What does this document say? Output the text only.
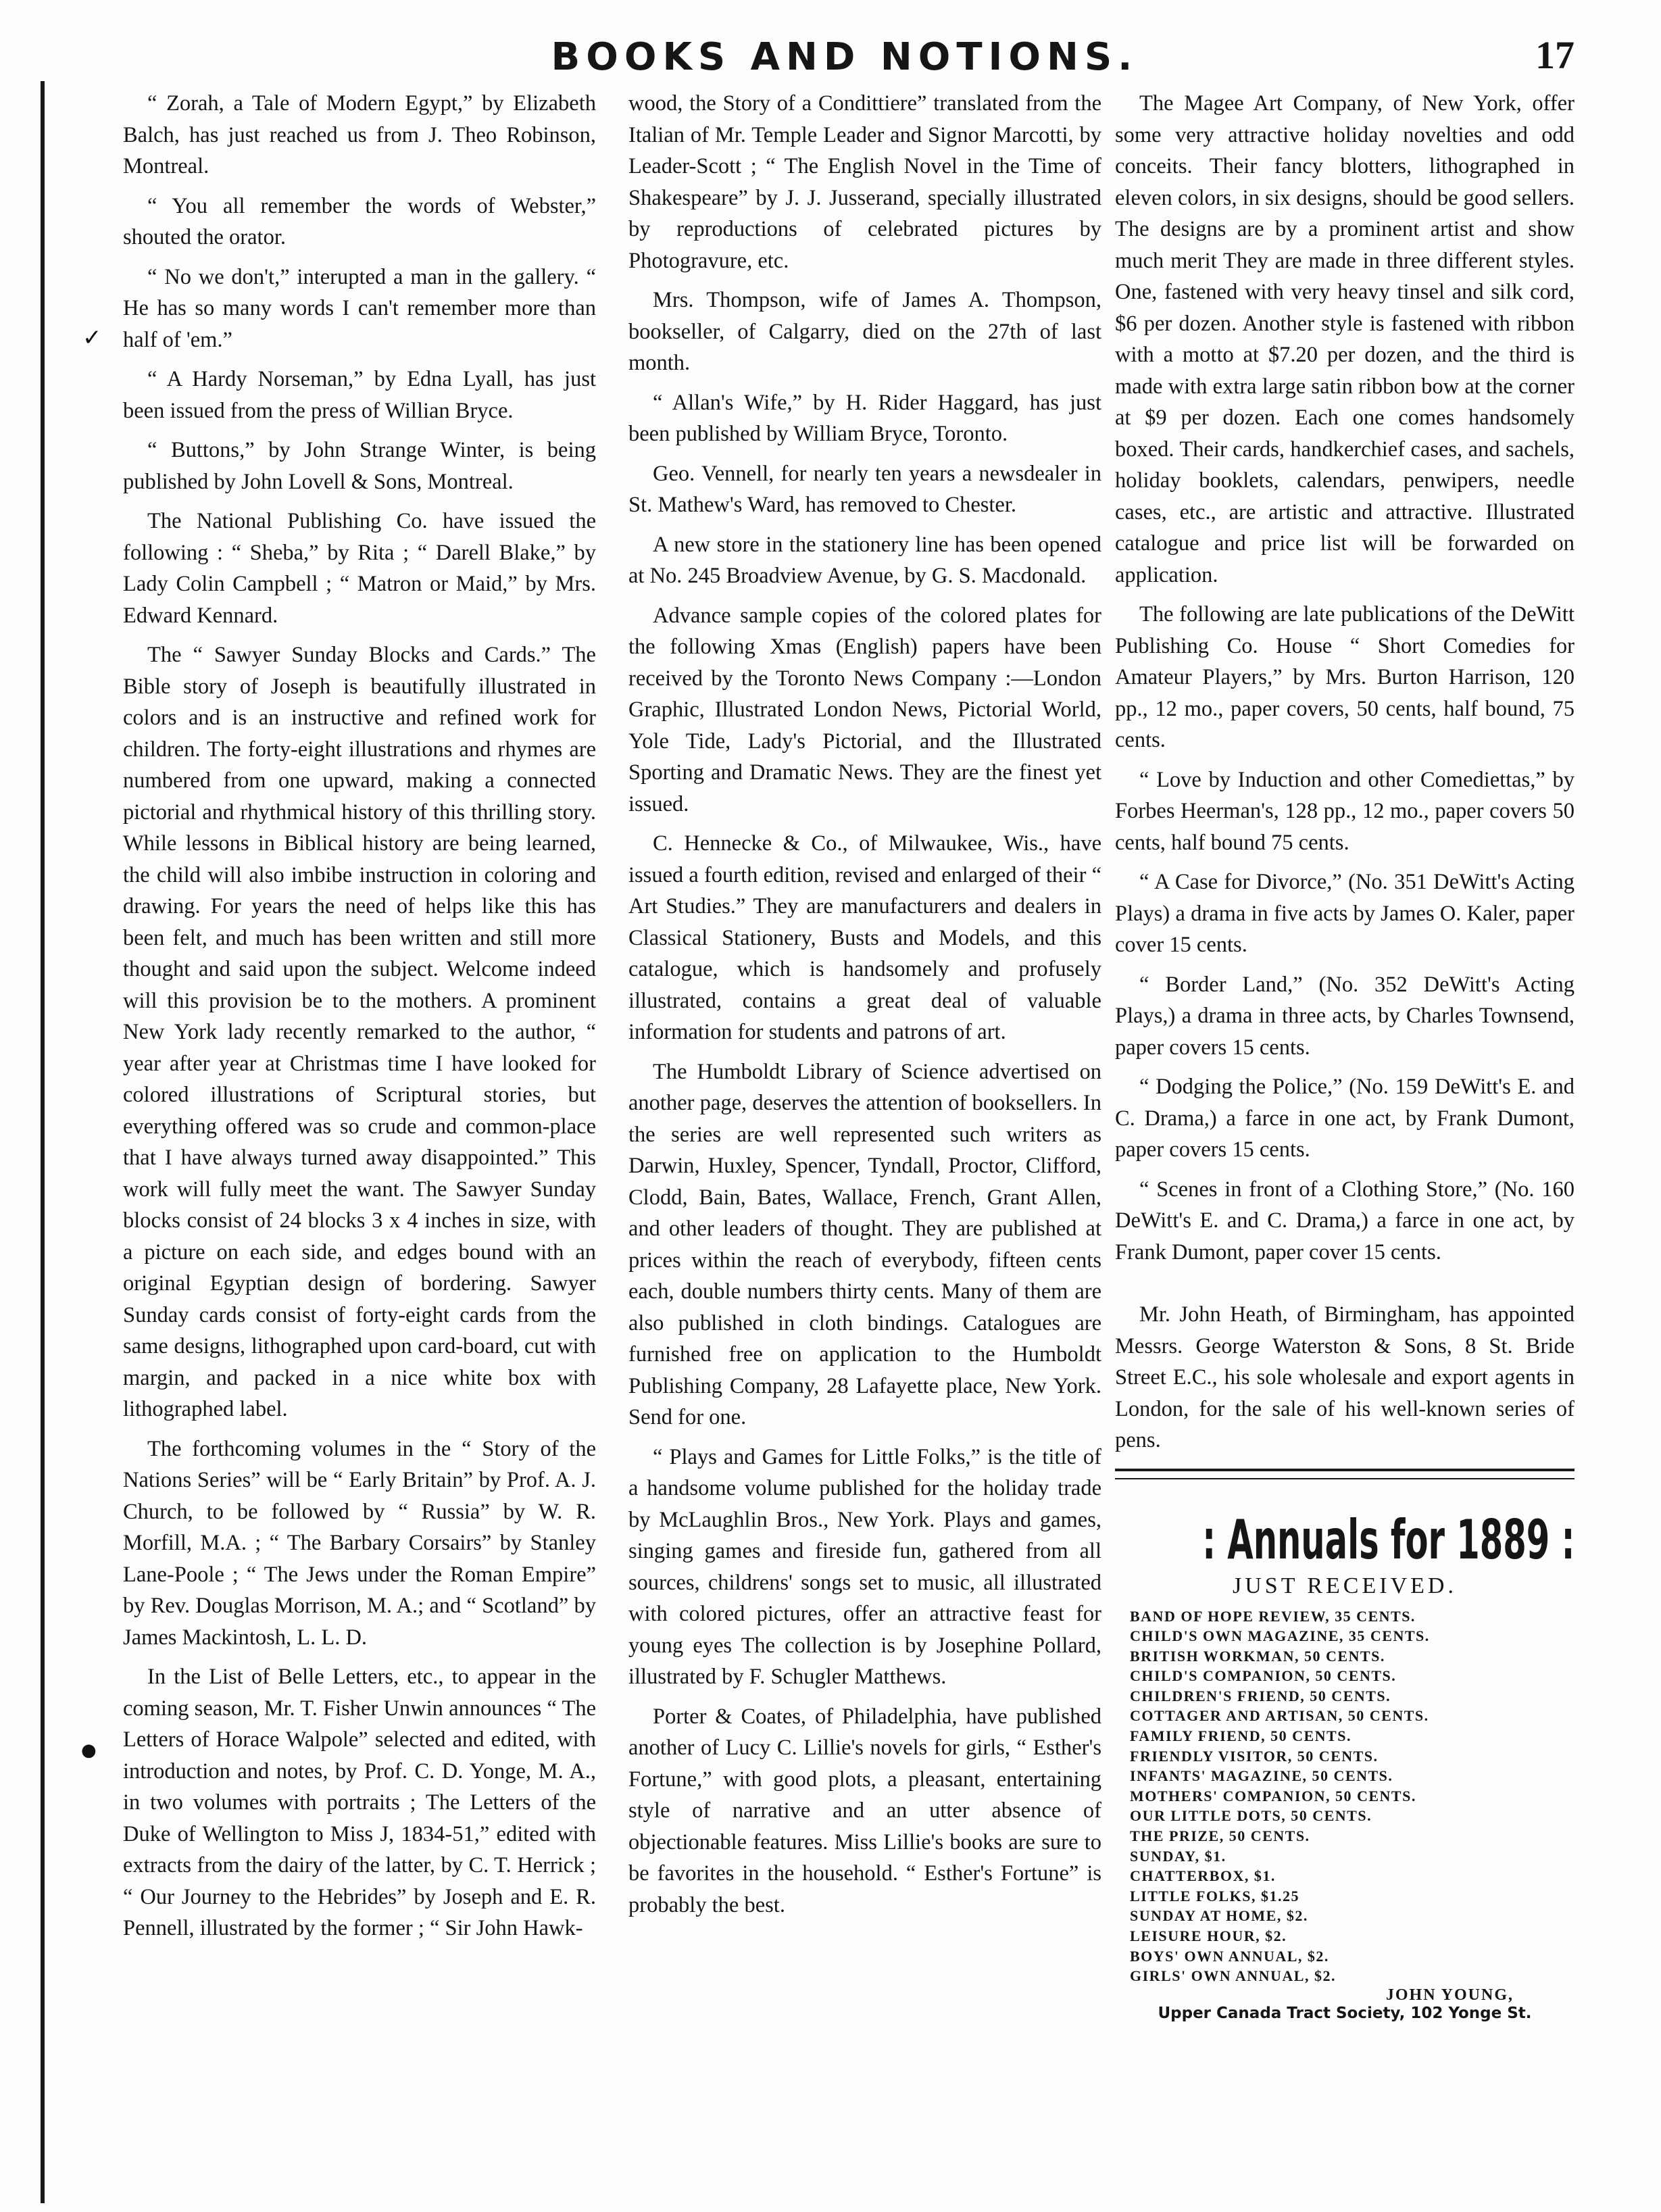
✓
●
BOOKS AND NOTIONS.	17

“ Zorah, a Tale of Modern Egypt,” by Elizabeth Balch, has just reached us from J. Theo Robinson, Montreal.

“ You all remember the words of Webster,” shouted the orator.

“ No we don't,” interupted a man in the gallery. “ He has so many words I can't remember more than half of 'em.”

“ A Hardy Norseman,” by Edna Lyall, has just been issued from the press of Willian Bryce.

“ Buttons,” by John Strange Winter, is being published by John Lovell & Sons, Montreal.

The National Publishing Co. have issued the following : “ Sheba,” by Rita ; “ Darell Blake,” by Lady Colin Campbell ; “ Matron or Maid,” by Mrs. Edward Kennard.

The “ Sawyer Sunday Blocks and Cards.” The Bible story of Joseph is beautifully illustrated in colors and is an instructive and refined work for children. The forty-eight illustrations and rhymes are numbered from one upward, making a connected pictorial and rhythmical history of this thrilling story. While lessons in Biblical history are being learned, the child will also imbibe instruction in coloring and drawing. For years the need of helps like this has been felt, and much has been written and still more thought and said upon the subject. Welcome indeed will this provision be to the mothers. A prominent New York lady recently remarked to the author, “ year after year at Christmas time I have looked for colored illustrations of Scriptural stories, but everything offered was so crude and common-place that I have always turned away disappointed.” This work will fully meet the want. The Sawyer Sunday blocks consist of 24 blocks 3 x 4 inches in size, with a picture on each side, and edges bound with an original Egyptian design of bordering. Sawyer Sunday cards consist of forty-eight cards from the same designs, lithographed upon card-board, cut with margin, and packed in a nice white box with lithographed label.

The forthcoming volumes in the “ Story of the Nations Series” will be “ Early Britain” by Prof. A. J. Church, to be followed by “ Russia” by W. R. Morfill, M.A. ; “ The Barbary Corsairs” by Stanley Lane-Poole ; “ The Jews under the Roman Empire” by Rev. Douglas Morrison, M. A.; and “ Scotland” by James Mackintosh, L. L. D.

In the List of Belle Letters, etc., to appear in the coming season, Mr. T. Fisher Unwin announces “ The Letters of Horace Walpole” selected and edited, with introduction and notes, by Prof. C. D. Yonge, M. A., in two volumes with portraits ; The Letters of the Duke of Wellington to Miss J, 1834-51,” edited with extracts from the dairy of the latter, by C. T. Herrick ; “ Our Journey to the Hebrides” by Joseph and E. R. Pennell, illustrated by the former ; “ Sir John Hawk-

wood, the Story of a Condittiere” translated from the Italian of Mr. Temple Leader and Signor Marcotti, by Leader-Scott ; “ The English Novel in the Time of Shakespeare” by J. J. Jusserand, specially illustrated by reproductions of celebrated pictures by Photogravure, etc.

Mrs. Thompson, wife of James A. Thompson, bookseller, of Calgarry, died on the 27th of last month.

“ Allan's Wife,” by H. Rider Haggard, has just been published by William Bryce, Toronto.

Geo. Vennell, for nearly ten years a newsdealer in St. Mathew's Ward, has removed to Chester.

A new store in the stationery line has been opened at No. 245 Broadview Avenue, by G. S. Macdonald.

Advance sample copies of the colored plates for the following Xmas (English) papers have been received by the Toronto News Company :—London Graphic, Illustrated London News, Pictorial World, Yole Tide, Lady's Pictorial, and the Illustrated Sporting and Dramatic News. They are the finest yet issued.

C. Hennecke & Co., of Milwaukee, Wis., have issued a fourth edition, revised and enlarged of their “ Art Studies.” They are manufacturers and dealers in Classical Stationery, Busts and Models, and this catalogue, which is handsomely and profusely illustrated, contains a great deal of valuable information for students and patrons of art.

The Humboldt Library of Science advertised on another page, deserves the attention of booksellers. In the series are well represented such writers as Darwin, Huxley, Spencer, Tyndall, Proctor, Clifford, Clodd, Bain, Bates, Wallace, French, Grant Allen, and other leaders of thought. They are published at prices within the reach of everybody, fifteen cents each, double numbers thirty cents. Many of them are also published in cloth bindings. Catalogues are furnished free on application to the Humboldt Publishing Company, 28 Lafayette place, New York. Send for one.

“ Plays and Games for Little Folks,” is the title of a handsome volume published for the holiday trade by McLaughlin Bros., New York. Plays and games, singing games and fireside fun, gathered from all sources, childrens' songs set to music, all illustrated with colored pictures, offer an attractive feast for young eyes The collection is by Josephine Pollard, illustrated by F. Schugler Matthews.

Porter & Coates, of Philadelphia, have published another of Lucy C. Lillie's novels for girls, “ Esther's Fortune,” with good plots, a pleasant, entertaining style of narrative and an utter absence of objectionable features. Miss Lillie's books are sure to be favorites in the household. “ Esther's Fortune” is probably the best.

The Magee Art Company, of New York, offer some very attractive holiday novelties and odd conceits. Their fancy blotters, lithographed in eleven colors, in six designs, should be good sellers. The designs are by a prominent artist and show much merit They are made in three different styles. One, fastened with very heavy tinsel and silk cord, $6 per dozen. Another style is fastened with ribbon with a motto at $7.20 per dozen, and the third is made with extra large satin ribbon bow at the corner at $9 per dozen. Each one comes handsomely boxed. Their cards, handkerchief cases, and sachels, holiday booklets, calendars, penwipers, needle cases, etc., are artistic and attractive. Illustrated catalogue and price list will be forwarded on application.

The following are late publications of the DeWitt Publishing Co. House “ Short Comedies for Amateur Players,” by Mrs. Burton Harrison, 120 pp., 12 mo., paper covers, 50 cents, half bound, 75 cents.

“ Love by Induction and other Comediettas,” by Forbes Heerman's, 128 pp., 12 mo., paper covers 50 cents, half bound 75 cents.

“ A Case for Divorce,” (No. 351 DeWitt's Acting Plays) a drama in five acts by James O. Kaler, paper cover 15 cents.

“ Border Land,” (No. 352 DeWitt's Acting Plays,) a drama in three acts, by Charles Townsend, paper covers 15 cents.

“ Dodging the Police,” (No. 159 DeWitt's E. and C. Drama,) a farce in one act, by Frank Dumont, paper covers 15 cents.

“ Scenes in front of a Clothing Store,” (No. 160 DeWitt's E. and C. Drama,) a farce in one act, by Frank Dumont, paper cover 15 cents.

Mr. John Heath, of Birmingham, has appointed Messrs. George Waterston & Sons, 8 St. Bride Street E.C., his sole wholesale and export agents in London, for the sale of his well-known series of pens.

: Annuals for 1889 :
JUST RECEIVED.
BAND OF HOPE REVIEW, 35 CENTS.
CHILD'S OWN MAGAZINE, 35 CENTS.
BRITISH WORKMAN, 50 CENTS.
CHILD'S COMPANION, 50 CENTS.
CHILDREN'S FRIEND, 50 CENTS.
COTTAGER AND ARTISAN, 50 CENTS.
FAMILY FRIEND, 50 CENTS.
FRIENDLY VISITOR, 50 CENTS.
INFANTS' MAGAZINE, 50 CENTS.
MOTHERS' COMPANION, 50 CENTS.
OUR LITTLE DOTS, 50 CENTS.
THE PRIZE, 50 CENTS.
SUNDAY, $1.
CHATTERBOX, $1.
LITTLE FOLKS, $1.25
SUNDAY AT HOME, $2.
LEISURE HOUR, $2.
BOYS' OWN ANNUAL, $2.
GIRLS' OWN ANNUAL, $2.
JOHN YOUNG,
Upper Canada Tract Society, 102 Yonge St.
